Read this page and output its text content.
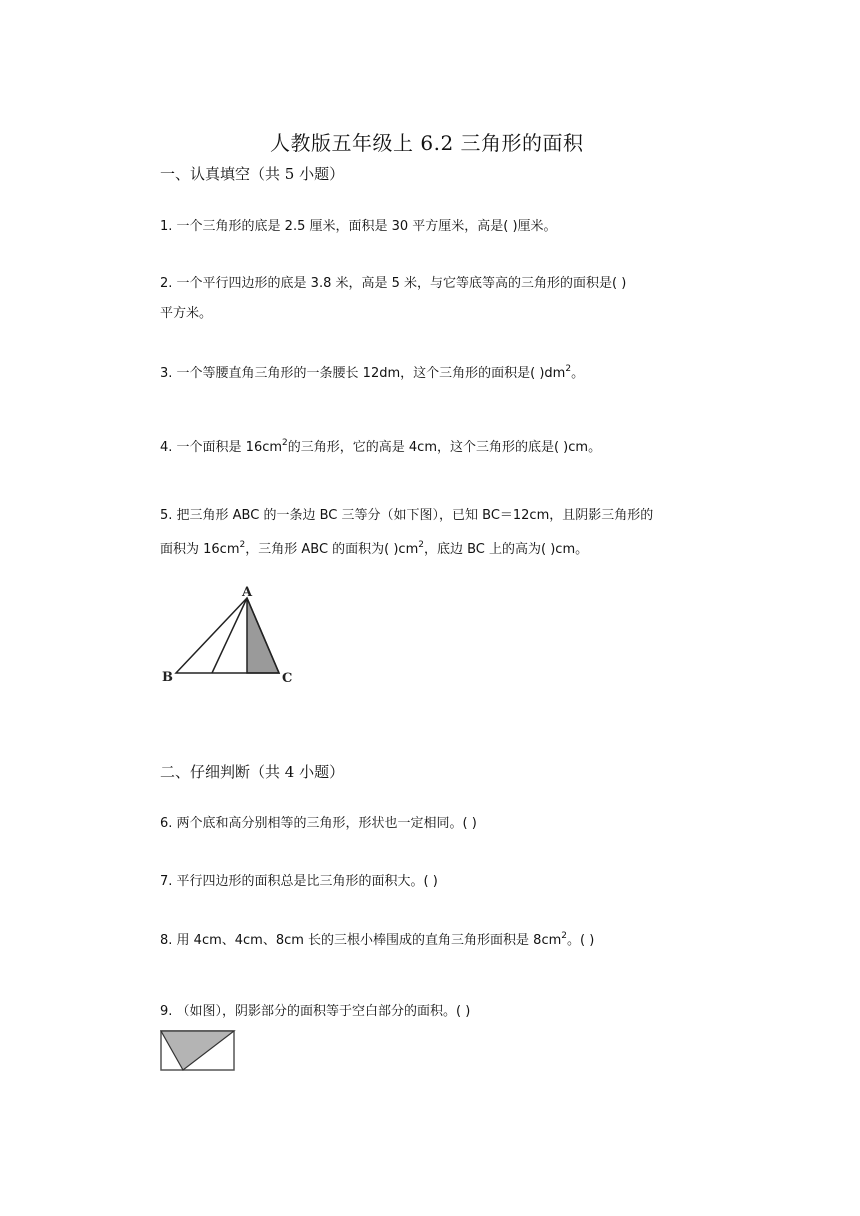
人教版五年级上 6.2 三角形的面积
一、认真填空（共 5 小题）
1. 一个三角形的底是 2.5 厘米，面积是 30 平方厘米，高是( )厘米。
2. 一个平行四边形的底是 3.8 米，高是 5 米，与它等底等高的三角形的面积是( )
平方米。
3. 一个等腰直角三角形的一条腰长 12dm，这个三角形的面积是( )$dm^2$。
4. 一个面积是 $16cm^2$的三角形，它的高是 4cm，这个三角形的底是( )cm。
5. 把三角形 ABC 的一条边 BC 三等分（如下图），已知 BC＝12cm，且阴影三角形的
面积为 $16cm^2$，三角形 ABC 的面积为( )$cm^2$，底边 BC 上的高为( )cm。
A
B	C
二、仔细判断（共 4 小题）
6. 两个底和高分别相等的三角形，形状也一定相同。( )
7. 平行四边形的面积总是比三角形的面积大。( )
8. 用 4cm、4cm、8cm 长的三根小棒围成的直角三角形面积是 $8cm^2$。( )
9. （如图），阴影部分的面积等于空白部分的面积。( )
